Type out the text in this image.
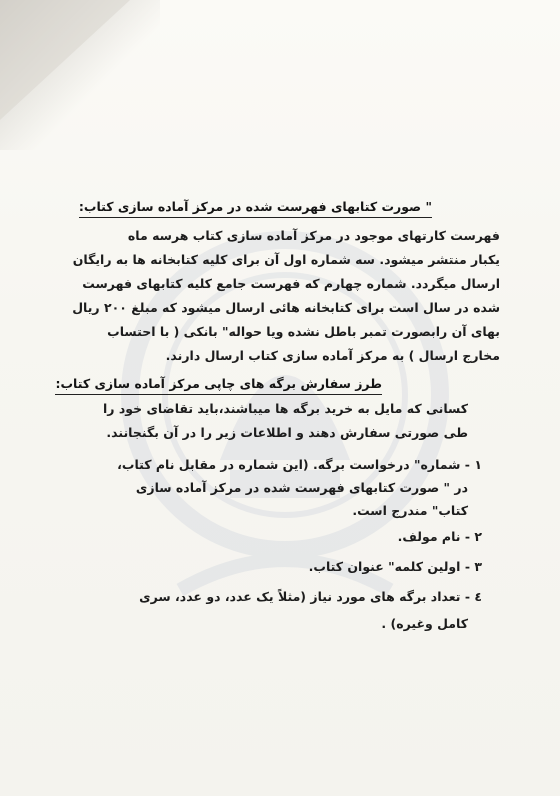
" صورت کتابهای فهرست شده در مرکز آماده سازی کتاب:
فهرست کارتهای موجود در مرکز آماده سازی کتاب هرسه ماه
یکبار منتشر میشود. سه شماره اول آن برای کلیه کتابخانه ها به رایگان
ارسال میگردد. شماره چهارم که فهرست جامع کلیه کتابهای فهرست
شده در سال است برای کتابخانه هائی ارسال میشود که مبلغ ۲۰۰ ریال
بهای آن رابصورت تمبر باطل نشده ویا حواله" بانکی ( با احتساب
مخارج ارسال ) به مرکز آماده سازی کتاب ارسال دارند.
طرز سفارش برگه های چاپی مرکز آماده سازی کتاب:
کسانی که مایل به خرید برگه ها میباشند،باید تقاضای خود را
طی صورتی سفارش دهند و اطلاعات زیر را در آن بگنجانند.
۱ - شماره" درخواست برگه. (این شماره در مقابل نام کتاب،
در " صورت کتابهای فهرست شده در مرکز آماده سازی
کتاب" مندرج است.
۲ - نام مولف.
۳ - اولین کلمه" عنوان کتاب.
٤ - تعداد برگه های مورد نیاز (مثلاً یک عدد، دو عدد، سری
کامل وغیره) .
